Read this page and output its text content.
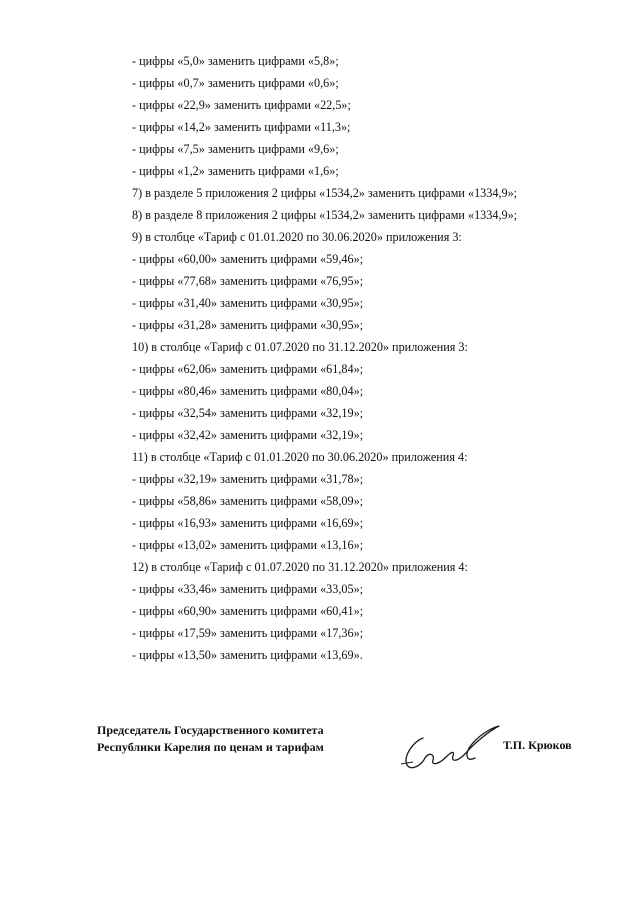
- цифры «5,0» заменить цифрами «5,8»;
- цифры «0,7» заменить цифрами «0,6»;
- цифры «22,9» заменить цифрами «22,5»;
- цифры «14,2» заменить цифрами «11,3»;
- цифры «7,5» заменить цифрами «9,6»;
- цифры «1,2» заменить цифрами «1,6»;
7) в разделе 5 приложения 2 цифры «1534,2» заменить цифрами «1334,9»;
8) в разделе 8 приложения 2 цифры «1534,2» заменить цифрами «1334,9»;
9) в столбце «Тариф с 01.01.2020 по 30.06.2020» приложения 3:
- цифры «60,00» заменить цифрами «59,46»;
- цифры «77,68» заменить цифрами «76,95»;
- цифры «31,40» заменить цифрами «30,95»;
- цифры «31,28» заменить цифрами «30,95»;
10) в столбце «Тариф с 01.07.2020 по 31.12.2020» приложения 3:
- цифры «62,06» заменить цифрами «61,84»;
- цифры «80,46» заменить цифрами «80,04»;
- цифры «32,54» заменить цифрами «32,19»;
- цифры «32,42» заменить цифрами «32,19»;
11) в столбце «Тариф с 01.01.2020 по 30.06.2020» приложения 4:
- цифры «32,19» заменить цифрами «31,78»;
- цифры «58,86» заменить цифрами «58,09»;
- цифры «16,93» заменить цифрами «16,69»;
- цифры «13,02» заменить цифрами «13,16»;
12) в столбце «Тариф с 01.07.2020 по 31.12.2020» приложения 4:
- цифры «33,46» заменить цифрами «33,05»;
- цифры «60,90» заменить цифрами «60,41»;
- цифры «17,59» заменить цифрами «17,36»;
- цифры «13,50» заменить цифрами «13,69».
Председатель Государственного комитета
Республики Карелия по ценам и тарифам	Т.П. Крюков
